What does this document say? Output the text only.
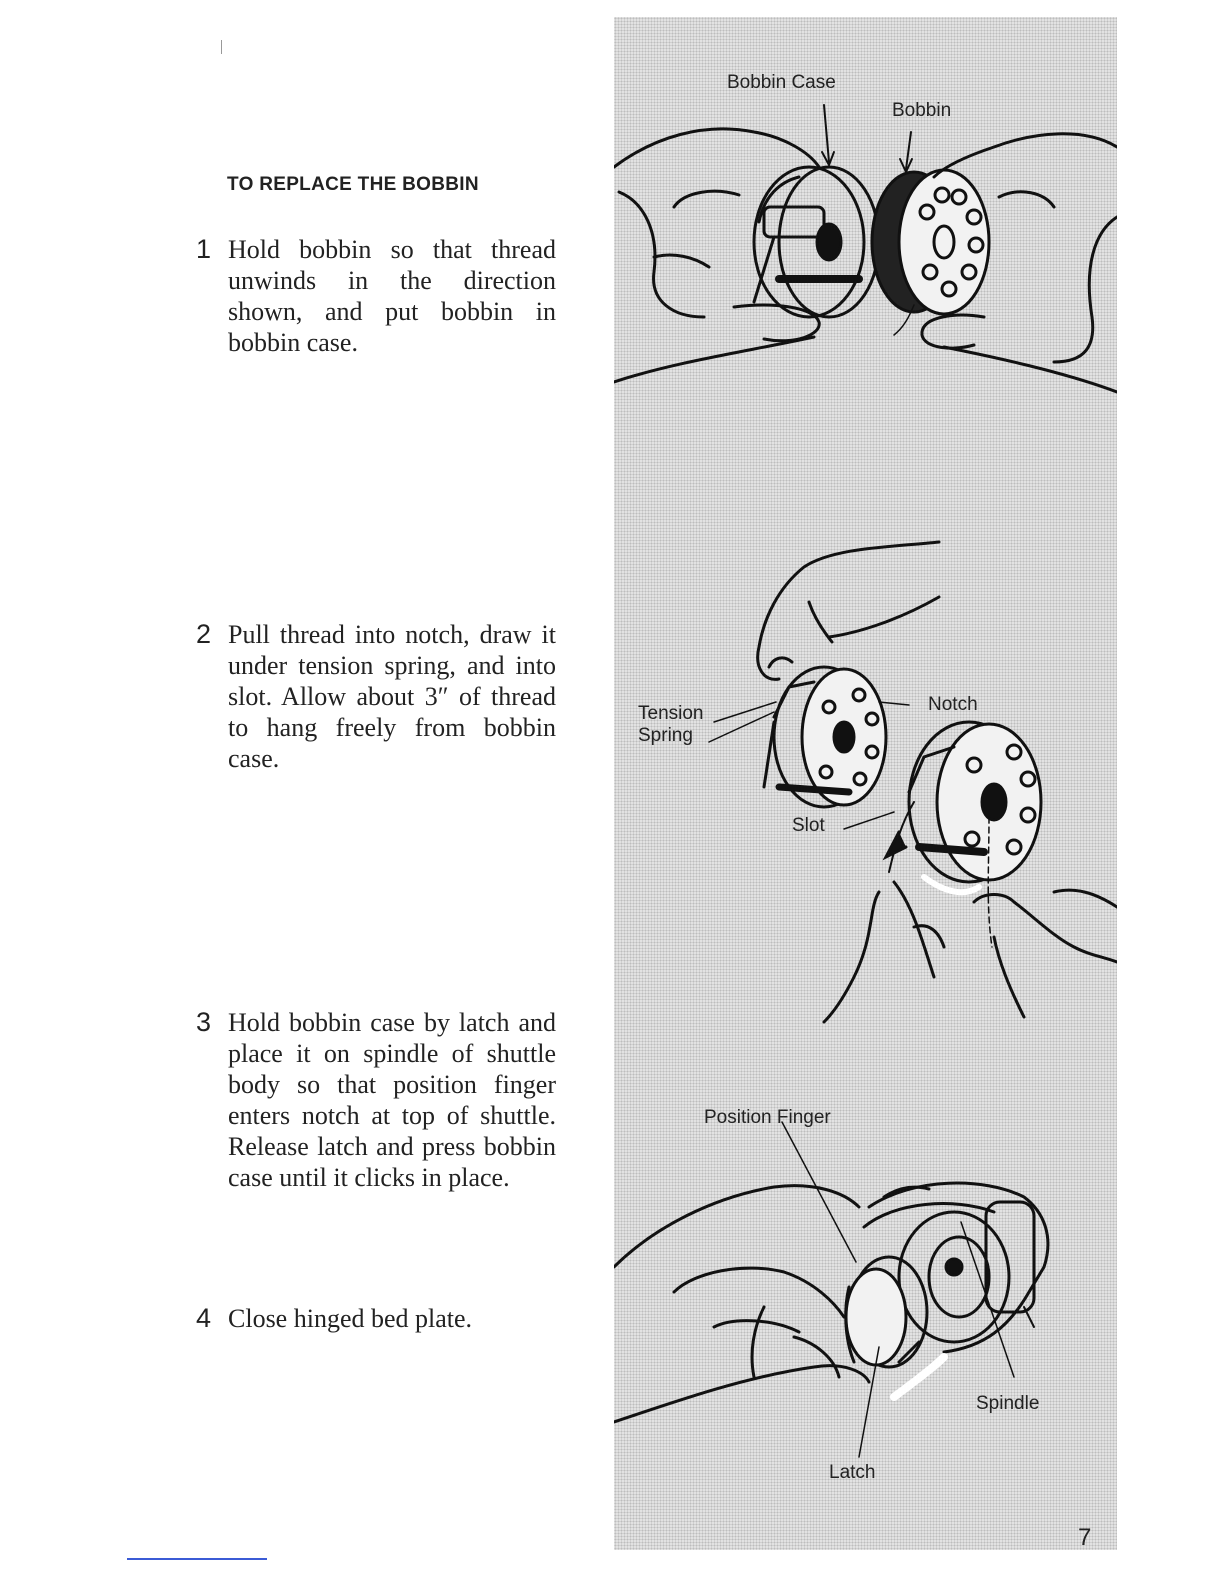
TO REPLACE THE BOBBIN
1 Hold bobbin so that thread unwinds in the direction shown, and put bobbin in bobbin case.
2 Pull thread into notch, draw it under tension spring, and into slot. Allow about 3″ of thread to hang freely from bobbin case.
3 Hold bobbin case by latch and place it on spindle of shuttle body so that position finger enters notch at top of shuttle. Release latch and press bobbin case until it clicks in place.
4 Close hinged bed plate.
Bobbin Case
Bobbin
Tension
Spring
Notch
Slot
Position Finger
Spindle
Latch
7
